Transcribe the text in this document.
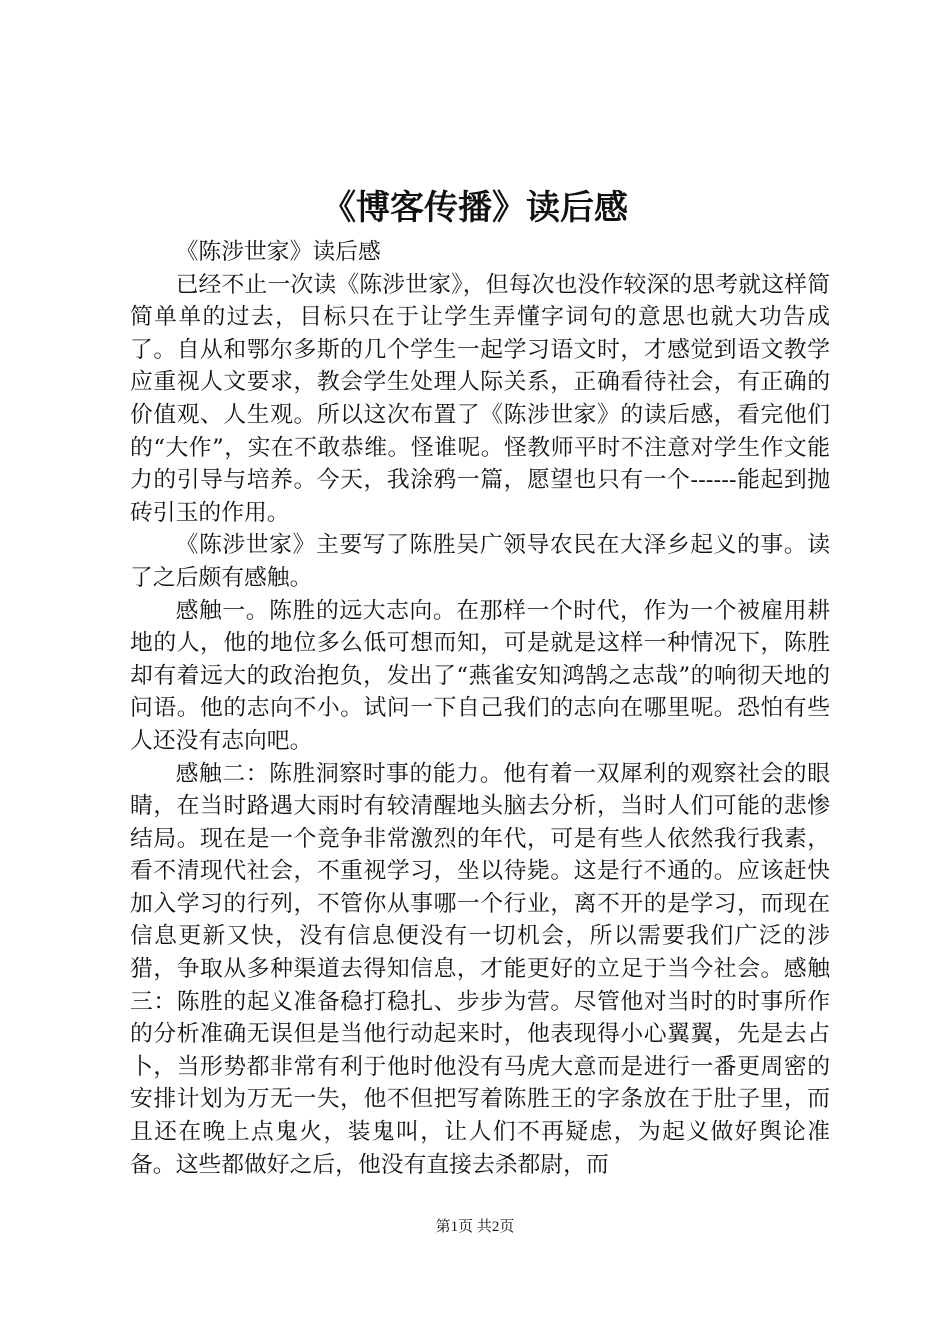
《博客传播》读后感

《陈涉世家》读后感

已经不止一次读《陈涉世家》，但每次也没作较深的思考就这样简简单单的过去，目标只在于让学生弄懂字词句的意思也就大功告成了。自从和鄂尔多斯的几个学生一起学习语文时，才感觉到语文教学应重视人文要求，教会学生处理人际关系，正确看待社会，有正确的价值观、人生观。所以这次布置了《陈涉世家》的读后感，看完他们的“大作”，实在不敢恭维。怪谁呢。怪教师平时不注意对学生作文能力的引导与培养。今天，我涂鸦一篇，愿望也只有一个------能起到抛砖引玉的作用。

《陈涉世家》主要写了陈胜吴广领导农民在大泽乡起义的事。读了之后颇有感触。

感触一。陈胜的远大志向。在那样一个时代，作为一个被雇用耕地的人，他的地位多么低可想而知，可是就是这样一种情况下，陈胜却有着远大的政治抱负，发出了“燕雀安知鸿鹄之志哉”的响彻天地的问语。他的志向不小。试问一下自己我们的志向在哪里呢。恐怕有些人还没有志向吧。

感触二：陈胜洞察时事的能力。他有着一双犀利的观察社会的眼睛，在当时路遇大雨时有较清醒地头脑去分析，当时人们可能的悲惨结局。现在是一个竞争非常激烈的年代，可是有些人依然我行我素，看不清现代社会，不重视学习，坐以待毙。这是行不通的。应该赶快加入学习的行列，不管你从事哪一个行业，离不开的是学习，而现在信息更新又快，没有信息便没有一切机会，所以需要我们广泛的涉猎，争取从多种渠道去得知信息，才能更好的立足于当今社会。感触三：陈胜的起义准备稳打稳扎、步步为营。尽管他对当时的时事所作的分析准确无误但是当他行动起来时，他表现得小心翼翼，先是去占卜，当形势都非常有利于他时他没有马虎大意而是进行一番更周密的安排计划为万无一失，他不但把写着陈胜王的字条放在于肚子里，而且还在晚上点鬼火，装鬼叫，让人们不再疑虑，为起义做好舆论准备。这些都做好之后，他没有直接去杀都尉，而

第1页 共2页
